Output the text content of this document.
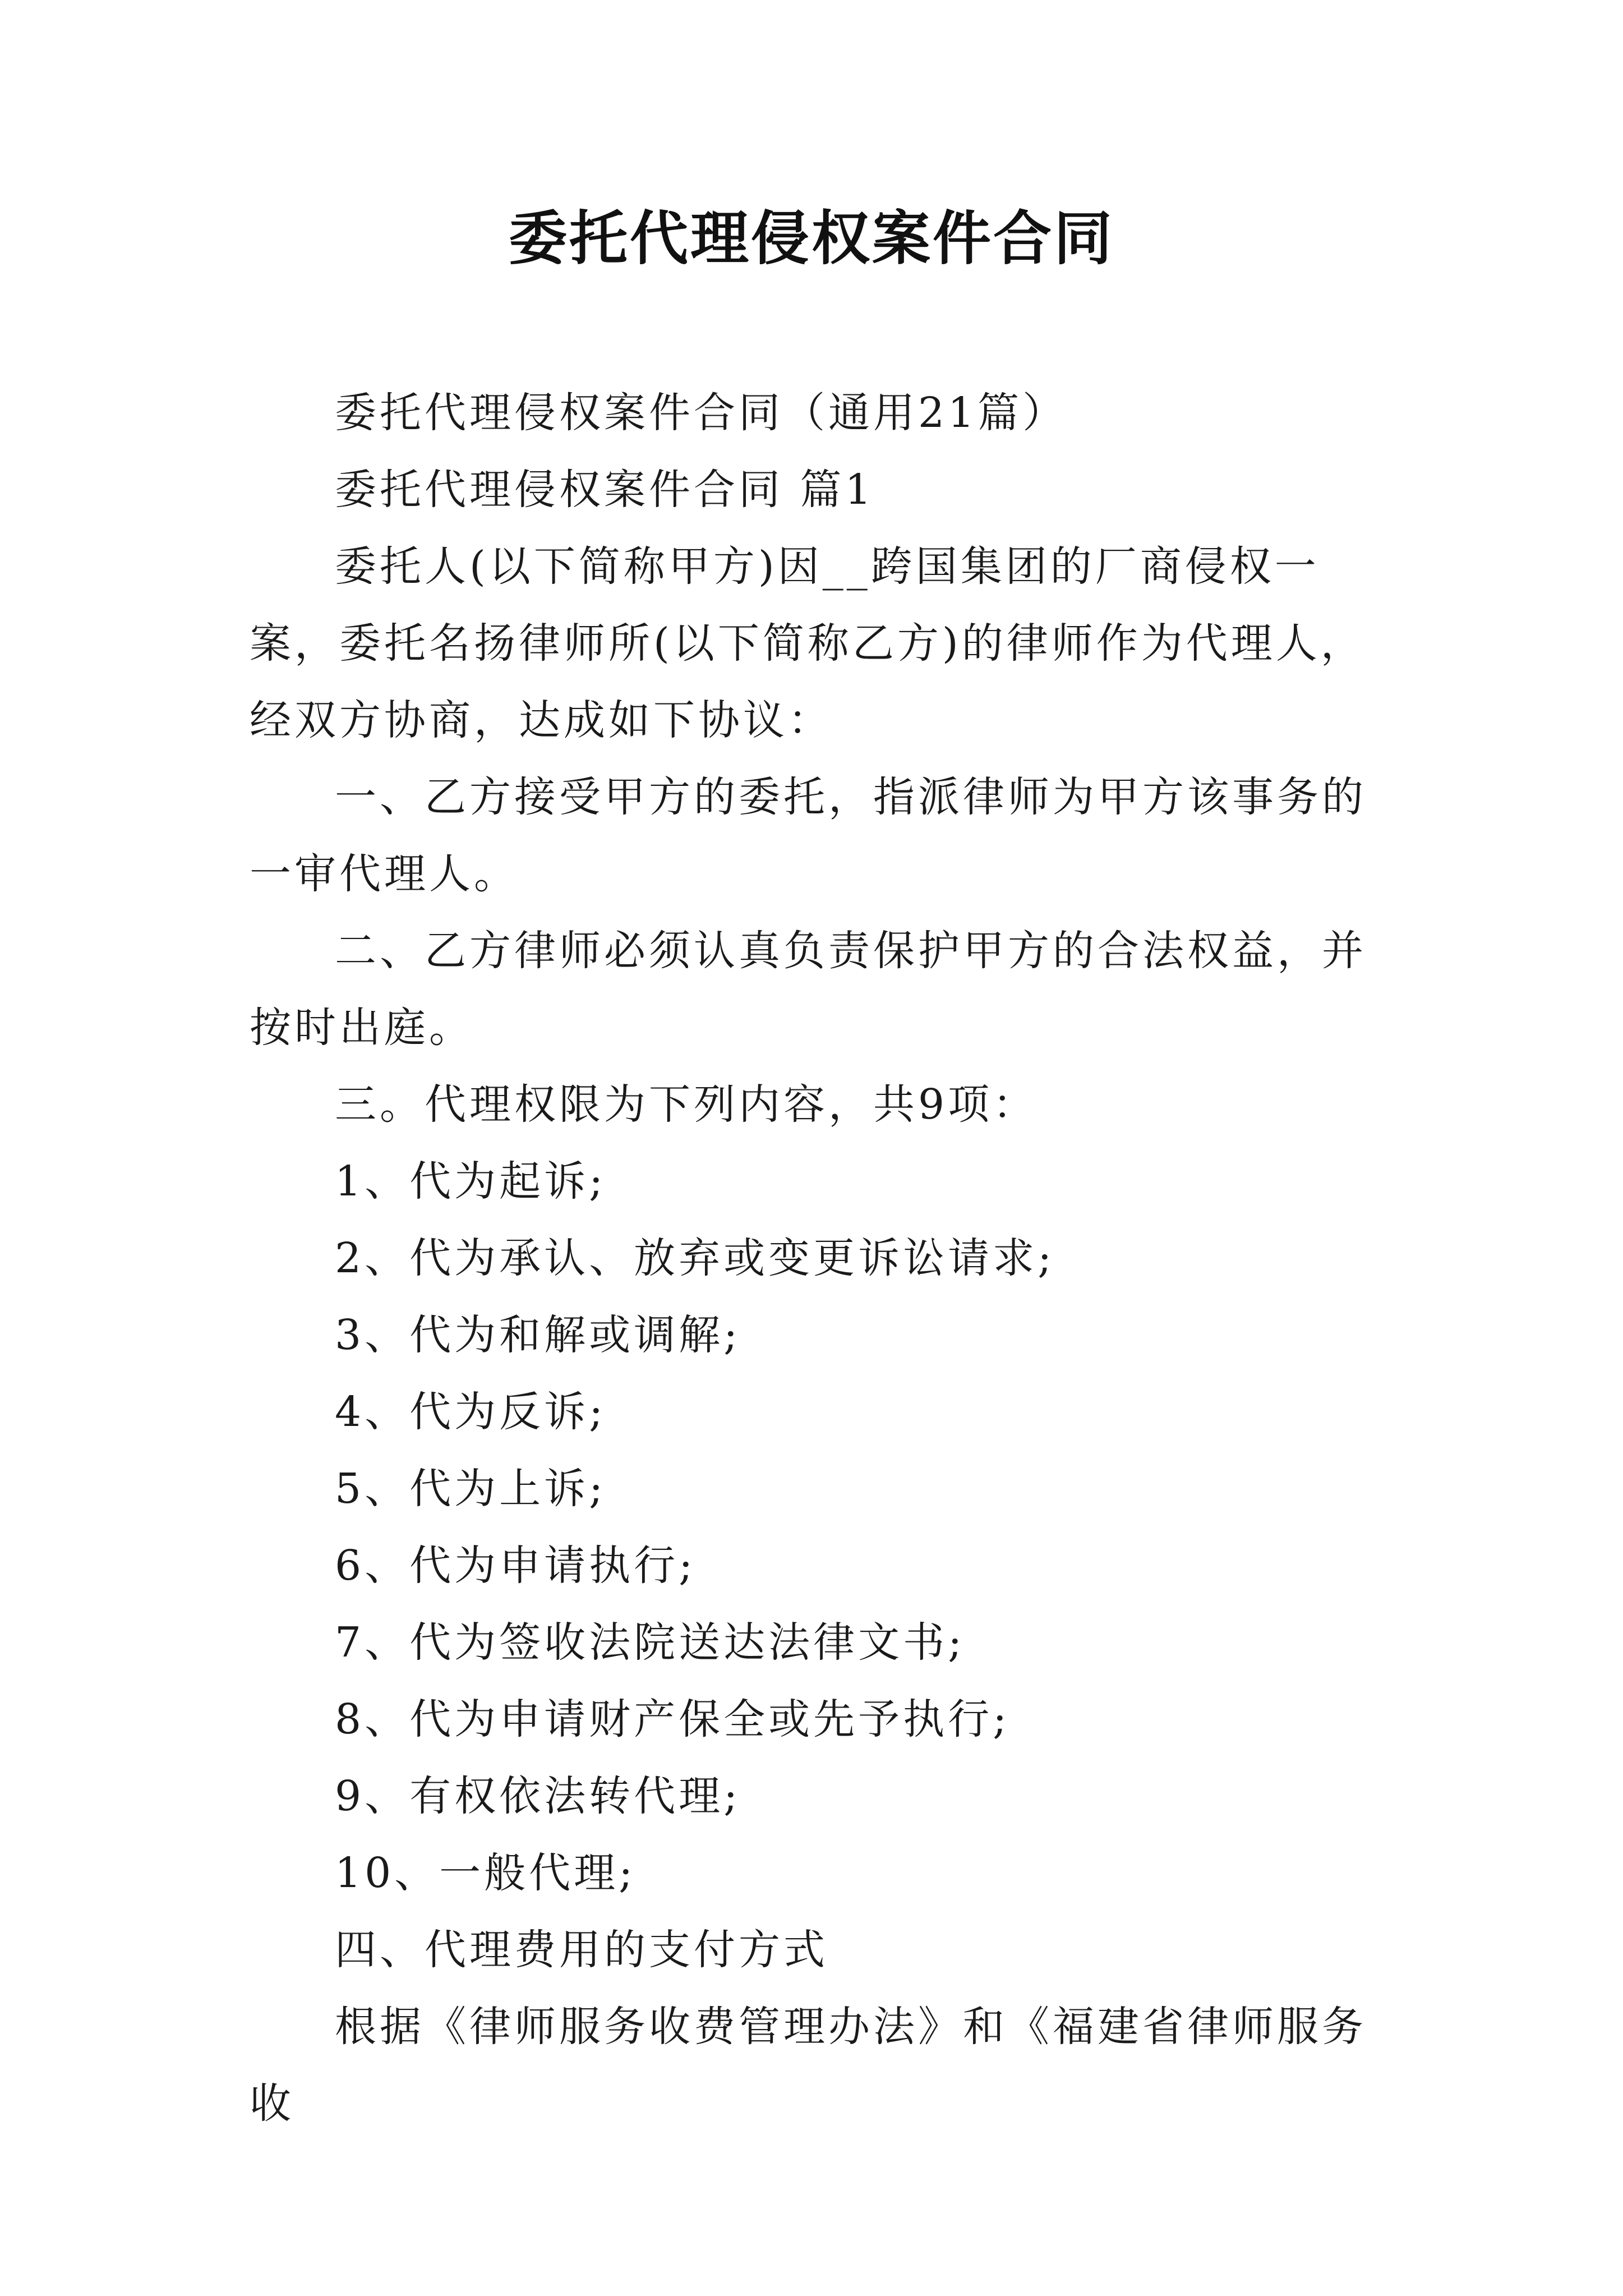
委托代理侵权案件合同

委托代理侵权案件合同（通用21篇）

委托代理侵权案件合同 篇1

委托人(以下简称甲方)因__跨国集团的厂商侵权一案，委托名扬律师所(以下简称乙方)的律师作为代理人，经双方协商，达成如下协议：

一、乙方接受甲方的委托，指派律师为甲方该事务的一审代理人。

二、乙方律师必须认真负责保护甲方的合法权益，并按时出庭。

三。代理权限为下列内容，共9项：

1、代为起诉;

2、代为承认、放弃或变更诉讼请求;

3、代为和解或调解;

4、代为反诉;

5、代为上诉;

6、代为申请执行;

7、代为签收法院送达法律文书;

8、代为申请财产保全或先予执行;

9、有权依法转代理;

10、一般代理;

四、代理费用的支付方式

根据《律师服务收费管理办法》和《福建省律师服务收
